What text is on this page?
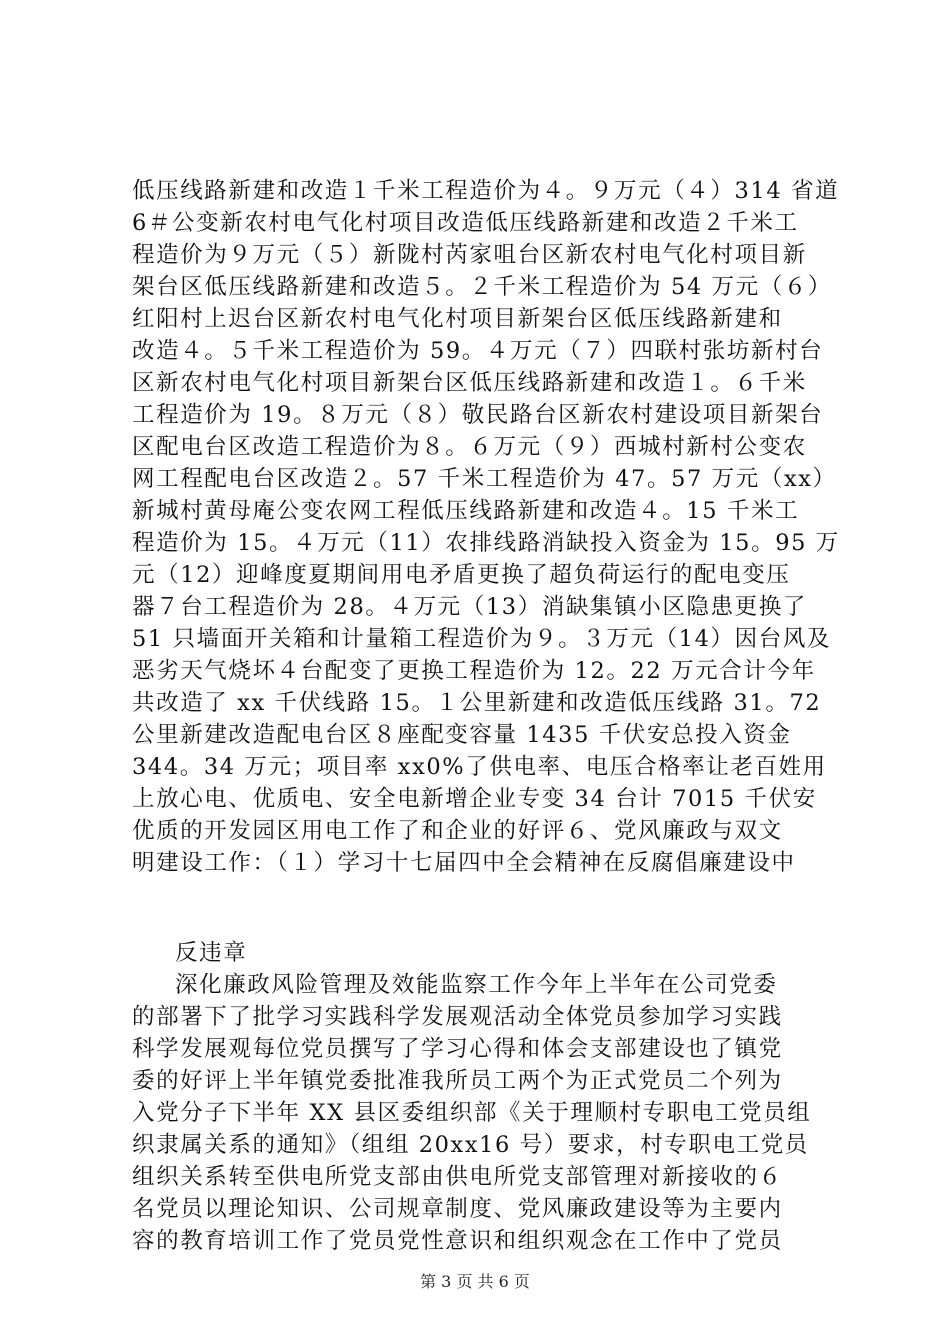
低压线路新建和改造１千米工程造价为４。９万元（４）314 省道
6＃公变新农村电气化村项目改造低压线路新建和改造２千米工
程造价为９万元（５）新陇村芮家咀台区新农村电气化村项目新
架台区低压线路新建和改造５。２千米工程造价为 54 万元（６）
红阳村上迟台区新农村电气化村项目新架台区低压线路新建和
改造４。５千米工程造价为 59。４万元（７）四联村张坊新村台
区新农村电气化村项目新架台区低压线路新建和改造１。６千米
工程造价为 19。８万元（８）敬民路台区新农村建设项目新架台
区配电台区改造工程造价为８。６万元（９）西城村新村公变农
网工程配电台区改造２。57 千米工程造价为 47。57 万元（xx）
新城村黄母庵公变农网工程低压线路新建和改造４。15 千米工
程造价为 15。４万元（11）农排线路消缺投入资金为 15。95 万
元（12）迎峰度夏期间用电矛盾更换了超负荷运行的配电变压
器７台工程造价为 28。４万元（13）消缺集镇小区隐患更换了
51 只墙面开关箱和计量箱工程造价为９。３万元（14）因台风及
恶劣天气烧坏４台配变了更换工程造价为 12。22 万元合计今年
共改造了 xx 千伏线路 15。１公里新建和改造低压线路 31。72
公里新建改造配电台区８座配变容量 1435 千伏安总投入资金
344。34 万元；项目率 xx0%了供电率、电压合格率让老百姓用
上放心电、优质电、安全电新增企业专变 34 台计 7015 千伏安
优质的开发园区用电工作了和企业的好评６、党风廉政与双文
明建设工作：（１）学习十七届四中全会精神在反腐倡廉建设中
反违章
深化廉政风险管理及效能监察工作今年上半年在公司党委
的部署下了批学习实践科学发展观活动全体党员参加学习实践
科学发展观每位党员撰写了学习心得和体会支部建设也了镇党
委的好评上半年镇党委批准我所员工两个为正式党员二个列为
入党分子下半年 XX 县区委组织部《关于理顺村专职电工党员组
织隶属关系的通知》（组组 20xx16 号）要求，村专职电工党员
组织关系转至供电所党支部由供电所党支部管理对新接收的６
名党员以理论知识、公司规章制度、党风廉政建设等为主要内
容的教育培训工作了党员党性意识和组织观念在工作中了党员
第 3 页 共 6 页
